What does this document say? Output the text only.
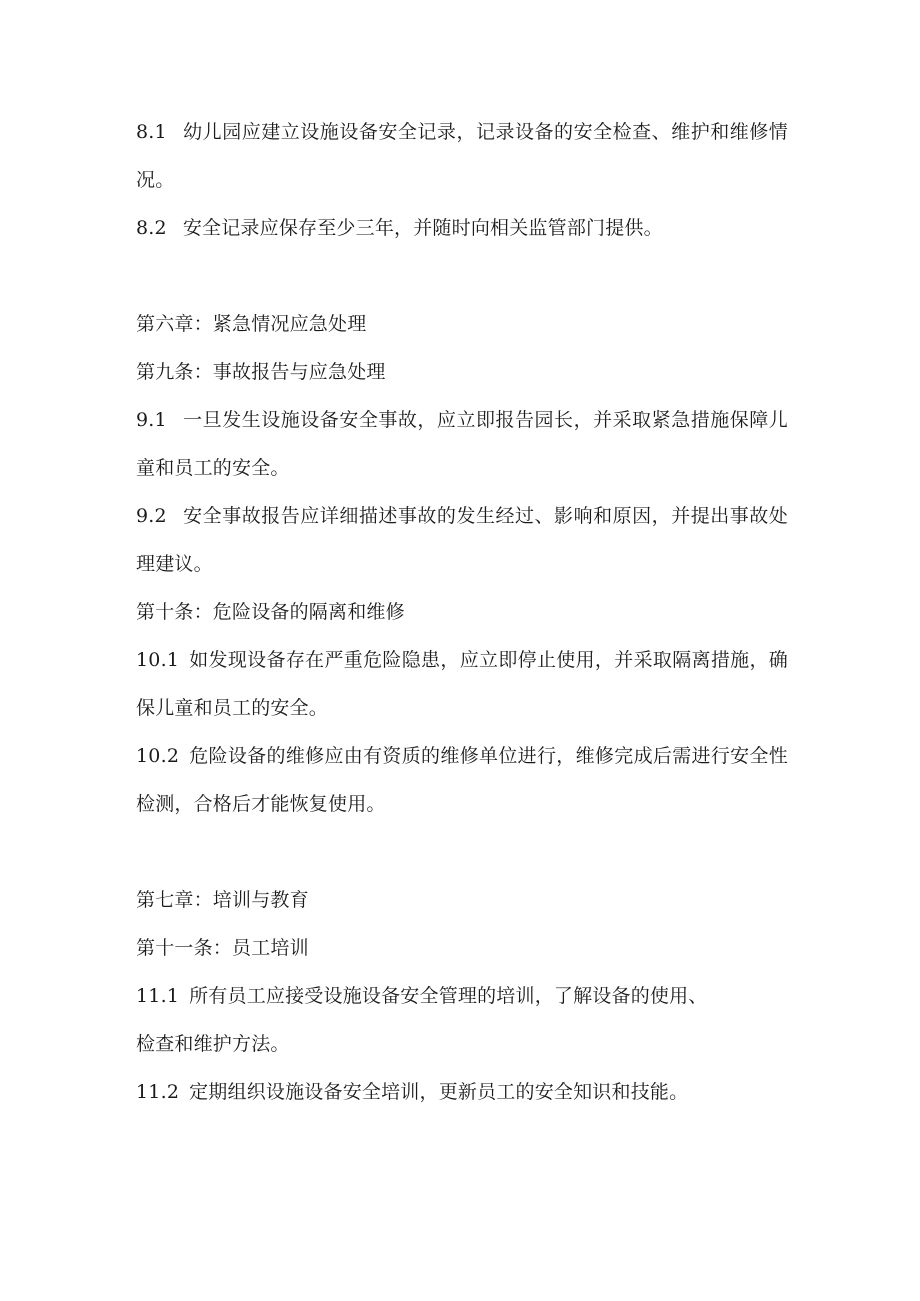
8.1 幼儿园应建立设施设备安全记录，记录设备的安全检查、维护和维修情况。

8.2 安全记录应保存至少三年，并随时向相关监管部门提供。

第六章：紧急情况应急处理

第九条：事故报告与应急处理

9.1 一旦发生设施设备安全事故，应立即报告园长，并采取紧急措施保障儿童和员工的安全。

9.2 安全事故报告应详细描述事故的发生经过、影响和原因，并提出事故处理建议。

第十条：危险设备的隔离和维修

10.1 如发现设备存在严重危险隐患，应立即停止使用，并采取隔离措施，确保儿童和员工的安全。

10.2 危险设备的维修应由有资质的维修单位进行，维修完成后需进行安全性检测，合格后才能恢复使用。

第七章：培训与教育

第十一条：员工培训

11.1 所有员工应接受设施设备安全管理的培训，了解设备的使用、
检查和维护方法。

11.2 定期组织设施设备安全培训，更新员工的安全知识和技能。
